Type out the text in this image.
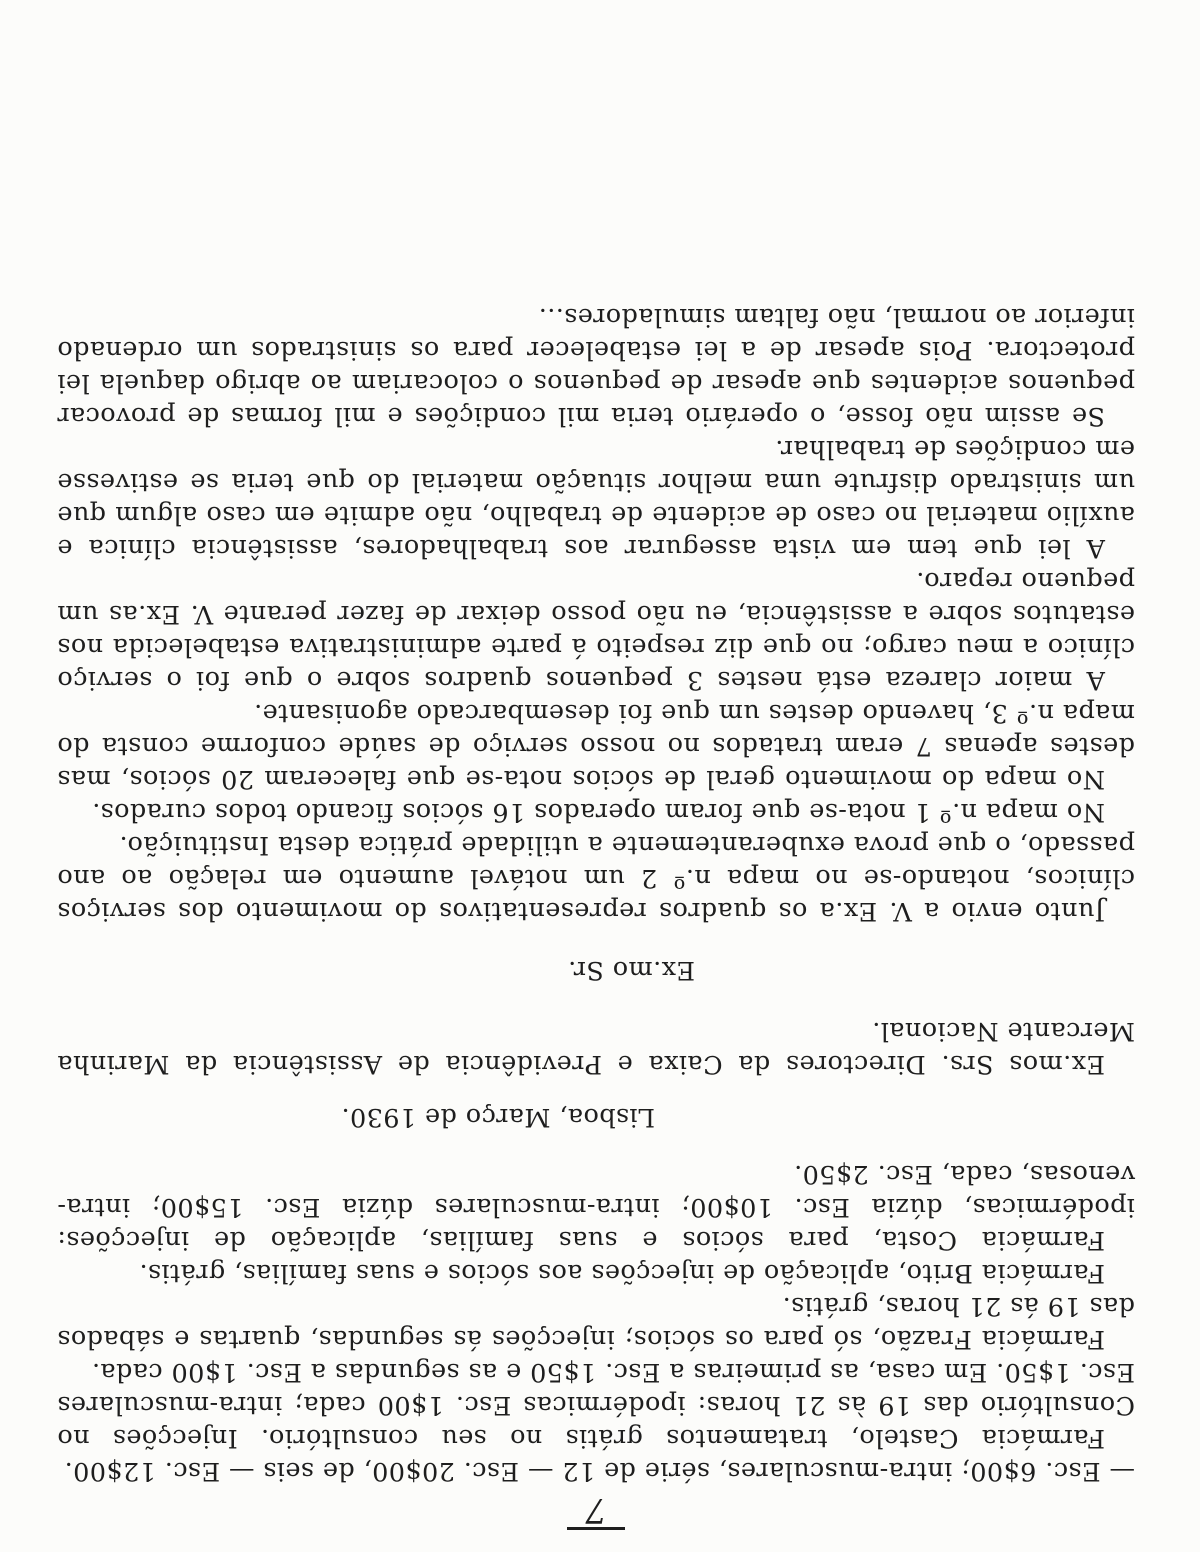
7

— Esc. 6$00; intra-musculares, série de 12 — Esc. 20$00, de seis — Esc. 12$00.

Farmácia Castelo, tratamentos grátis no seu consultório. Injecções no Consultório das 19 às 21 horas: ipodérmicas Esc. 1$00 cada; intra-musculares Esc. 1$50. Em casa, as primeiras a Esc. 1$50 e as segundas a Esc. 1$00 cada.

Farmácia Frazão, só para os sócios; injecções ás segundas, quartas e sábados das 19 ás 21 horas, grátis.

Farmácia Brito, aplicação de injecções aos sócios e suas famílias, grátis.

Farmácia Costa, para sócios e suas famílias, aplicação de injecções: ipodérmicas, dúzia Esc. 10$00; intra-musculares dúzia Esc. 15$00; intra-venosas, cada, Esc. 2$50.

Lisboa, Março de 1930.

Ex.mos Srs. Directores da Caixa e Previdência de Assistência da Marinha Mercante Nacional.

Ex.mo Sr.

Junto envio a V. Ex.a os quadros representativos do movimento dos serviços clínicos, notando-se no mapa n.º 2 um notável aumento em relação ao ano passado, o que prova exuberantemente a utilidade prática desta Instituição.

No mapa n.º 1 nota-se que foram operados 16 sócios ficando todos curados.

No mapa do movimento geral de sócios nota-se que faleceram 20 sócios, mas destes apenas 7 eram tratados no nosso serviço de saúde conforme consta do mapa n.º 3, havendo destes um que foi desembarcado agonisante.

A maior clareza está nestes 3 pequenos quadros sobre o que foi o serviço clínico a meu cargo; no que diz respeito á parte administrativa estabelecida nos estatutos sobre a assistência, eu não posso deixar de fazer perante V. Ex.as um pequeno reparo.

A lei que tem em vista assegurar aos trabalhadores, assistência clínica e auxílio material no caso de acidente de trabalho, não admite em caso algum que um sinistrado disfrute uma melhor situação material do que teria se estivesse em condições de trabalhar.

Se assim não fosse, o operário teria mil condições e mil formas de provocar pequenos acidentes que apesar de pequenos o colocariam ao abrigo daquela lei protectora. Pois apesar de a lei estabelecer para os sinistrados um ordenado inferior ao normal, não faltam simuladores...
